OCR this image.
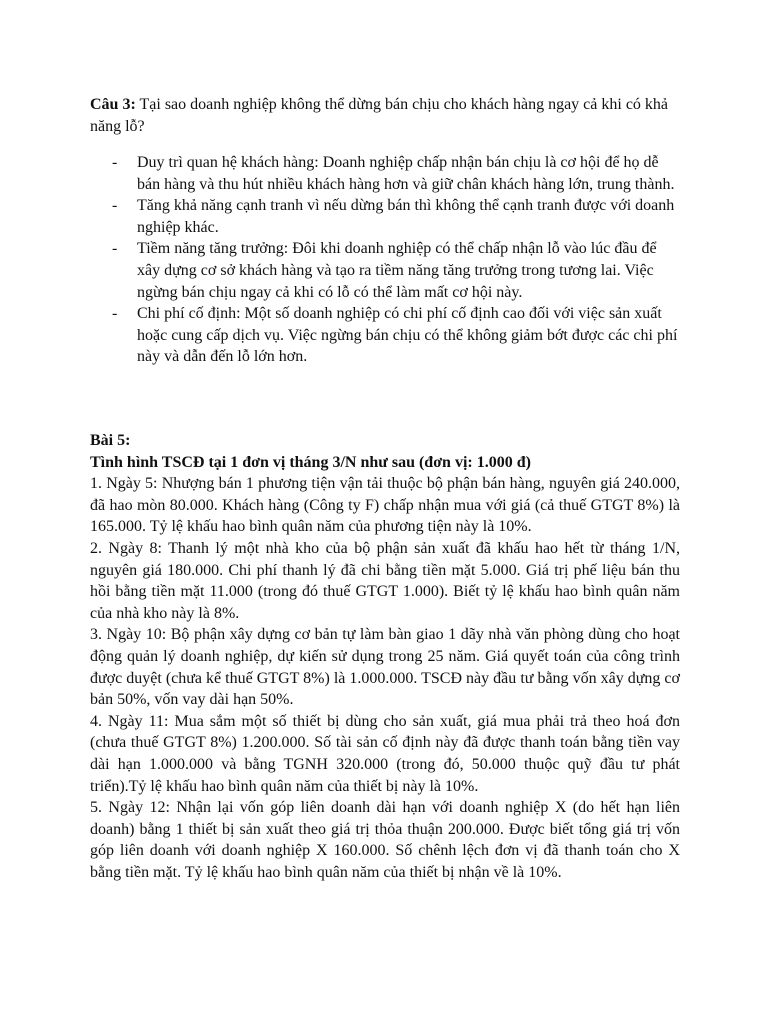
Câu 3: Tại sao doanh nghiệp không thể dừng bán chịu cho khách hàng ngay cả khi có khả năng lỗ?

- Duy trì quan hệ khách hàng: Doanh nghiệp chấp nhận bán chịu là cơ hội để họ dễ bán hàng và thu hút nhiều khách hàng hơn và giữ chân khách hàng lớn, trung thành.
- Tăng khả năng cạnh tranh vì nếu dừng bán thì không thể cạnh tranh được với doanh nghiệp khác.
- Tiềm năng tăng trưởng: Đôi khi doanh nghiệp có thể chấp nhận lỗ vào lúc đầu để xây dựng cơ sở khách hàng và tạo ra tiềm năng tăng trưởng trong tương lai. Việc ngừng bán chịu ngay cả khi có lỗ có thể làm mất cơ hội này.
- Chi phí cố định: Một số doanh nghiệp có chi phí cố định cao đối với việc sản xuất hoặc cung cấp dịch vụ. Việc ngừng bán chịu có thể không giảm bớt được các chi phí này và dẫn đến lỗ lớn hơn.

Bài 5:

Tình hình TSCĐ tại 1 đơn vị tháng 3/N như sau (đơn vị: 1.000 đ)

1. Ngày 5: Nhượng bán 1 phương tiện vận tải thuộc bộ phận bán hàng, nguyên giá 240.000, đã hao mòn 80.000. Khách hàng (Công ty F) chấp nhận mua với giá (cả thuế GTGT 8%) là 165.000. Tỷ lệ khấu hao bình quân năm của phương tiện này là 10%.

2. Ngày 8: Thanh lý một nhà kho của bộ phận sản xuất đã khấu hao hết từ tháng 1/N, nguyên giá 180.000. Chi phí thanh lý đã chi bằng tiền mặt 5.000. Giá trị phế liệu bán thu hồi bằng tiền mặt 11.000 (trong đó thuế GTGT 1.000). Biết tỷ lệ khấu hao bình quân năm của nhà kho này là 8%.

3. Ngày 10: Bộ phận xây dựng cơ bản tự làm bàn giao 1 dãy nhà văn phòng dùng cho hoạt động quản lý doanh nghiệp, dự kiến sử dụng trong 25 năm. Giá quyết toán của công trình được duyệt (chưa kể thuế GTGT 8%) là 1.000.000. TSCĐ này đầu tư bằng vốn xây dựng cơ bản 50%, vốn vay dài hạn 50%.

4. Ngày 11: Mua sắm một số thiết bị dùng cho sản xuất, giá mua phải trả theo hoá đơn (chưa thuế GTGT 8%) 1.200.000. Số tài sản cố định này đã được thanh toán bằng tiền vay dài hạn 1.000.000 và bằng TGNH 320.000 (trong đó, 50.000 thuộc quỹ đầu tư phát triển).Tỷ lệ khấu hao bình quân năm của thiết bị này là 10%.

5. Ngày 12: Nhận lại vốn góp liên doanh dài hạn với doanh nghiệp X (do hết hạn liên doanh) bằng 1 thiết bị sản xuất theo giá trị thỏa thuận 200.000. Được biết tổng giá trị vốn góp liên doanh với doanh nghiệp X 160.000. Số chênh lệch đơn vị đã thanh toán cho X bằng tiền mặt. Tỷ lệ khấu hao bình quân năm của thiết bị nhận về là 10%.
